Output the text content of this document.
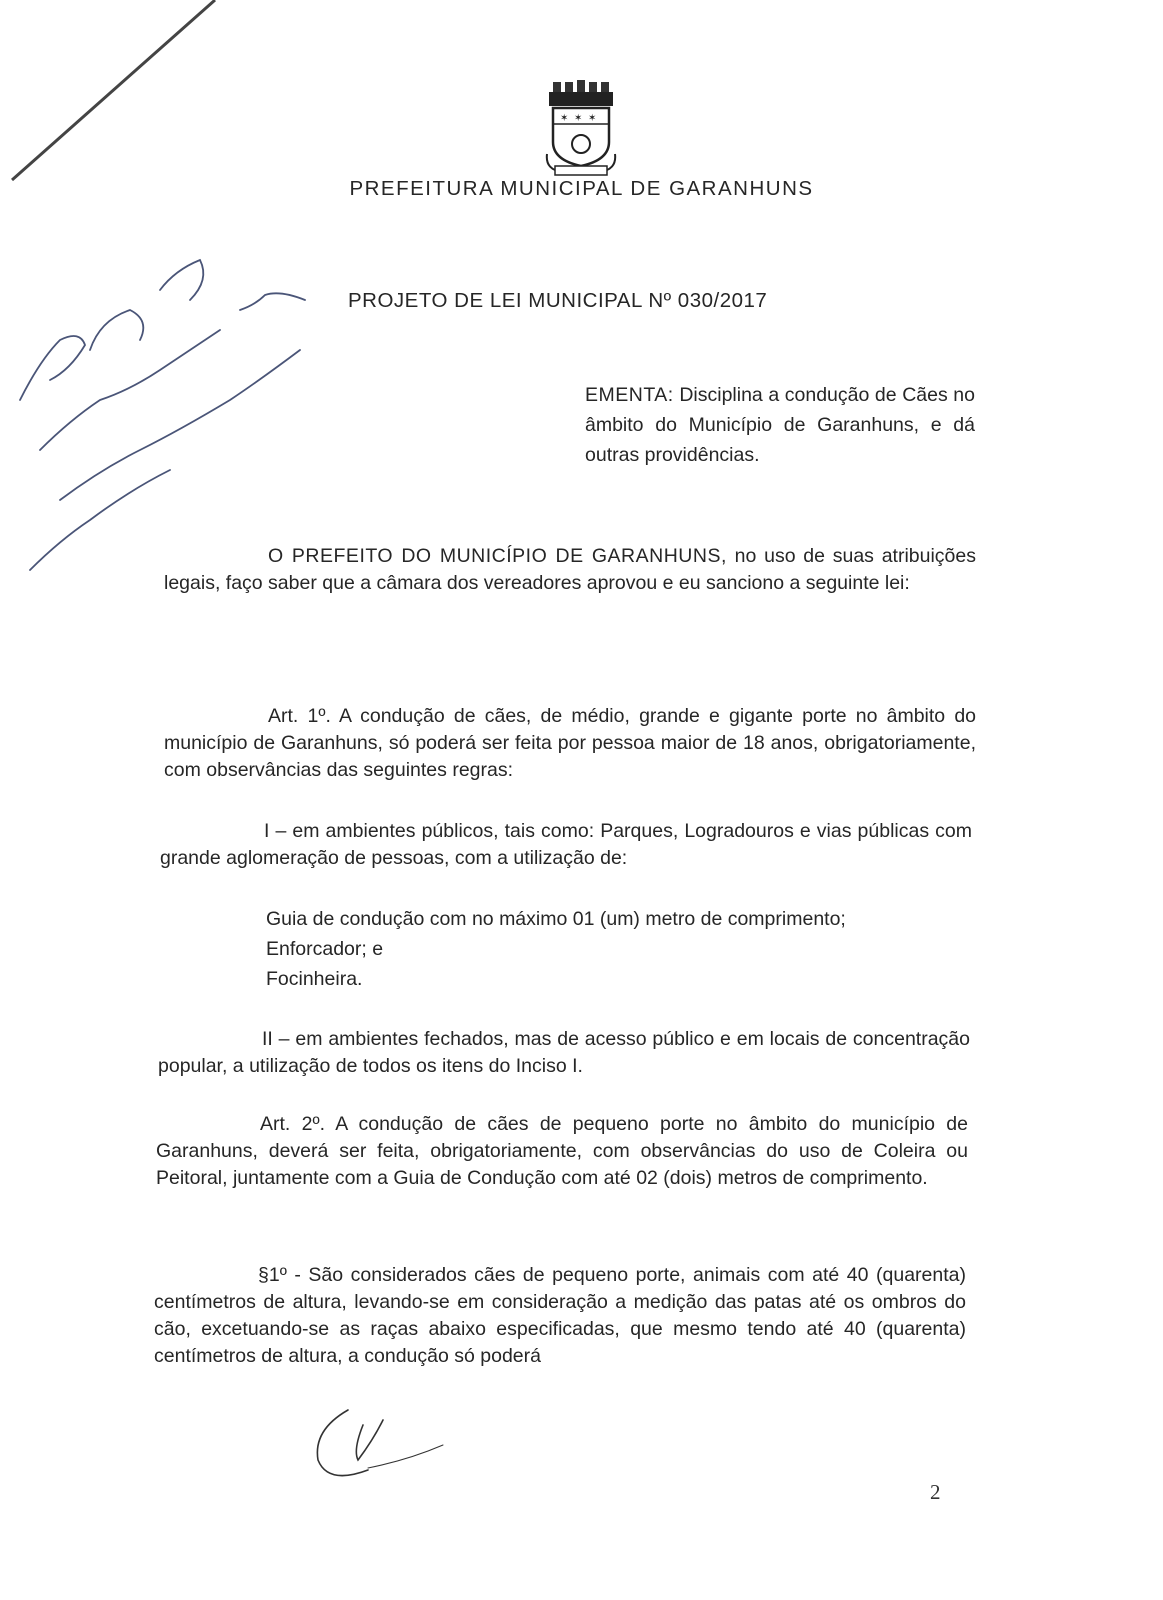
✶ ✶ ✶
PREFEITURA MUNICIPAL DE GARANHUNS
PROJETO DE LEI MUNICIPAL Nº 030/2017
EMENTA: Disciplina a condução de Cães no âmbito do Município de Garanhuns, e dá outras providências.
O PREFEITO DO MUNICÍPIO DE GARANHUNS, no uso de suas atribuições legais, faço saber que a câmara dos vereadores aprovou e eu sanciono a seguinte lei:
Art. 1º. A condução de cães, de médio, grande e gigante porte no âmbito do município de Garanhuns, só poderá ser feita por pessoa maior de 18 anos, obrigatoriamente, com observâncias das seguintes regras:
I – em ambientes públicos, tais como: Parques, Logradouros e vias públicas com grande aglomeração de pessoas, com a utilização de:
Guia de condução com no máximo 01 (um) metro de comprimento;
Enforcador; e
Focinheira.
II – em ambientes fechados, mas de acesso público e em locais de concentração popular, a utilização de todos os itens do Inciso I.
Art. 2º. A condução de cães de pequeno porte no âmbito do município de Garanhuns, deverá ser feita, obrigatoriamente, com observâncias do uso de Coleira ou Peitoral, juntamente com a Guia de Condução com até 02 (dois) metros de comprimento.
§1º - São considerados cães de pequeno porte, animais com até 40 (quarenta) centímetros de altura, levando-se em consideração a medição das patas até os ombros do cão, excetuando-se as raças abaixo especificadas, que mesmo tendo até 40 (quarenta) centímetros de altura, a condução só poderá
2
